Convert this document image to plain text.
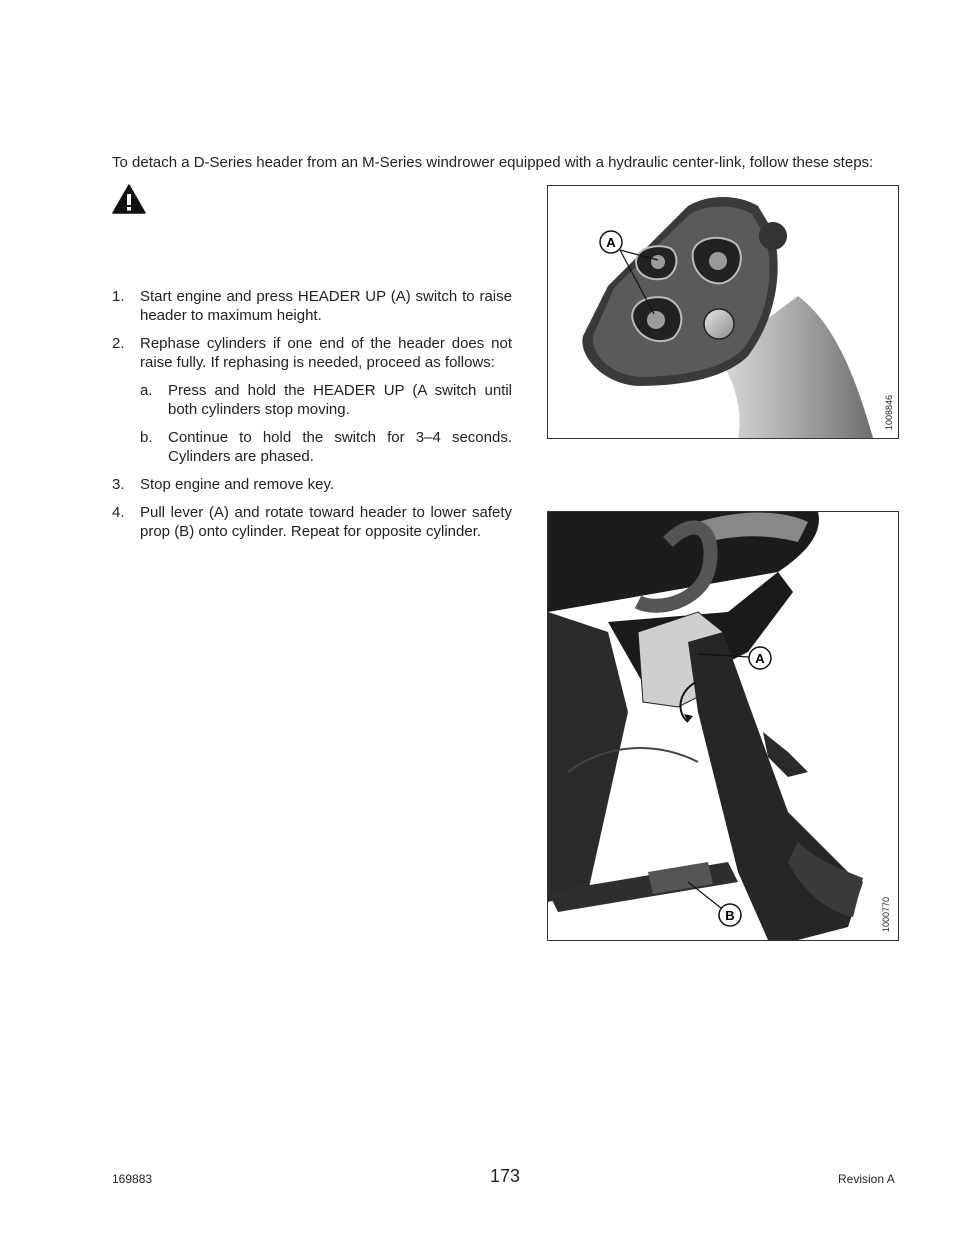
To detach a D-Series header from an M-Series windrower equipped with a hydraulic center-link, follow these steps:
1. Start engine and press HEADER UP (A) switch to raise header to maximum height.
2. Rephase cylinders if one end of the header does not raise fully. If rephasing is needed, proceed as follows:
a. Press and hold the HEADER UP (A switch until both cylinders stop moving.
b. Continue to hold the switch for 3–4 seconds. Cylinders are phased.
3. Stop engine and remove key.
4. Pull lever (A) and rotate toward header to lower safety prop (B) onto cylinder. Repeat for opposite cylinder.
A
1008846
A
B	1000770
169883	173	Revision A
